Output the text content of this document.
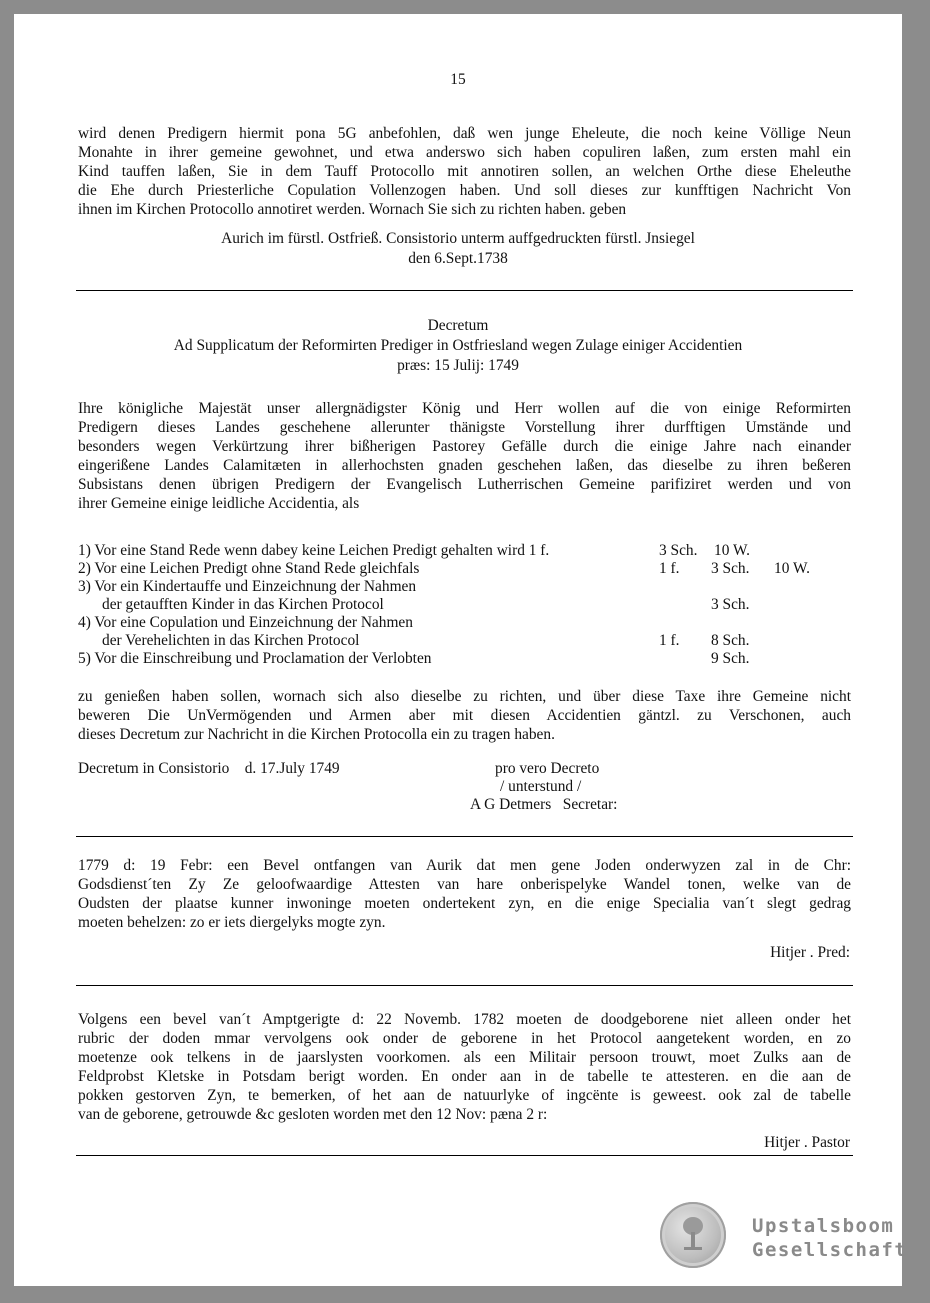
15
wird denen Predigern hiermit pona 5G anbefohlen, daß wen junge Eheleute, die noch keine Völlige Neun
Monahte in ihrer gemeine gewohnet, und etwa anderswo sich haben copuliren laßen, zum ersten mahl ein
Kind tauffen laßen, Sie in dem Tauff Protocollo mit annotiren sollen, an welchen Orthe diese Eheleuthe
die Ehe durch Priesterliche Copulation Vollenzogen haben. Und soll dieses zur kunfftigen Nachricht Von
ihnen im Kirchen Protocollo annotiret werden. Wornach Sie sich zu richten haben. geben
Aurich im fürstl. Ostfrieß. Consistorio unterm auffgedruckten fürstl. Jnsiegel
den 6.Sept.1738
Decretum
Ad Supplicatum der Reformirten Prediger in Ostfriesland wegen Zulage einiger Accidentien
præs: 15 Julij: 1749
Ihre königliche Majestät unser allergnädigster König und Herr wollen auf die von einige Reformirten
Predigern dieses Landes geschehene allerunter thänigste Vorstellung ihrer durfftigen Umstände und
besonders wegen Verkürtzung ihrer bißherigen Pastorey Gefälle durch die einige Jahre nach einander
eingerißene Landes Calamitæten in allerhochsten gnaden geschehen laßen, das dieselbe zu ihren beßeren
Subsistans denen übrigen Predigern der Evangelisch Lutherrischen Gemeine parifiziret werden und von
ihrer Gemeine einige leidliche Accidentia, als
1) Vor eine Stand Rede wenn dabey keine Leichen Predigt gehalten wird 1 f.	3 Sch. 10 W.
2) Vor eine Leichen Predigt ohne Stand Rede gleichfals	1 f. 3 Sch. 10 W.
3) Vor ein Kindertauffe und Einzeichnung der Nahmen
der getaufften Kinder in das Kirchen Protocol	3 Sch.
4) Vor eine Copulation und Einzeichnung der Nahmen
der Verehelichten in das Kirchen Protocol	1 f. 8 Sch.
5) Vor die Einschreibung und Proclamation der Verlobten	9 Sch.
zu genießen haben sollen, wornach sich also dieselbe zu richten, und über diese Taxe ihre Gemeine nicht
beweren Die UnVermögenden und Armen aber mit diesen Accidentien gäntzl. zu Verschonen, auch
dieses Decretum zur Nachricht in die Kirchen Protocolla ein zu tragen haben.
Decretum in Consistorio    d. 17.July 1749	pro vero Decreto
/ unterstund /
A G Detmers   Secretar:
1779 d: 19 Febr: een Bevel ontfangen van Aurik dat men gene Joden onderwyzen zal in de Chr:
Godsdienst´ten Zy Ze geloofwaardige Attesten van hare onberispelyke Wandel tonen, welke van de
Oudsten der plaatse kunner inwoninge moeten ondertekent zyn, en die enige Specialia van´t slegt gedrag
moeten behelzen: zo er iets diergelyks mogte zyn.
Hitjer . Pred:
Volgens een bevel van´t Amptgerigte d: 22 Novemb. 1782 moeten de doodgeborene niet alleen onder het
rubric der doden mmar vervolgens ook onder de geborene in het Protocol aangetekent worden, en zo
moetenze ook telkens in de jaarslysten voorkomen. als een Militair persoon trouwt, moet Zulks aan de
Feldprobst Kletske in Potsdam berigt worden. En onder aan in de tabelle te attesteren. en die aan de
pokken gestorven Zyn, te bemerken, of het aan de natuurlyke of ingcënte is geweest. ook zal de tabelle
van de geborene, getrouwde &c gesloten worden met den 12 Nov: pæna 2 r:
Hitjer . Pastor
Upstalsboom
Gesellschaft
